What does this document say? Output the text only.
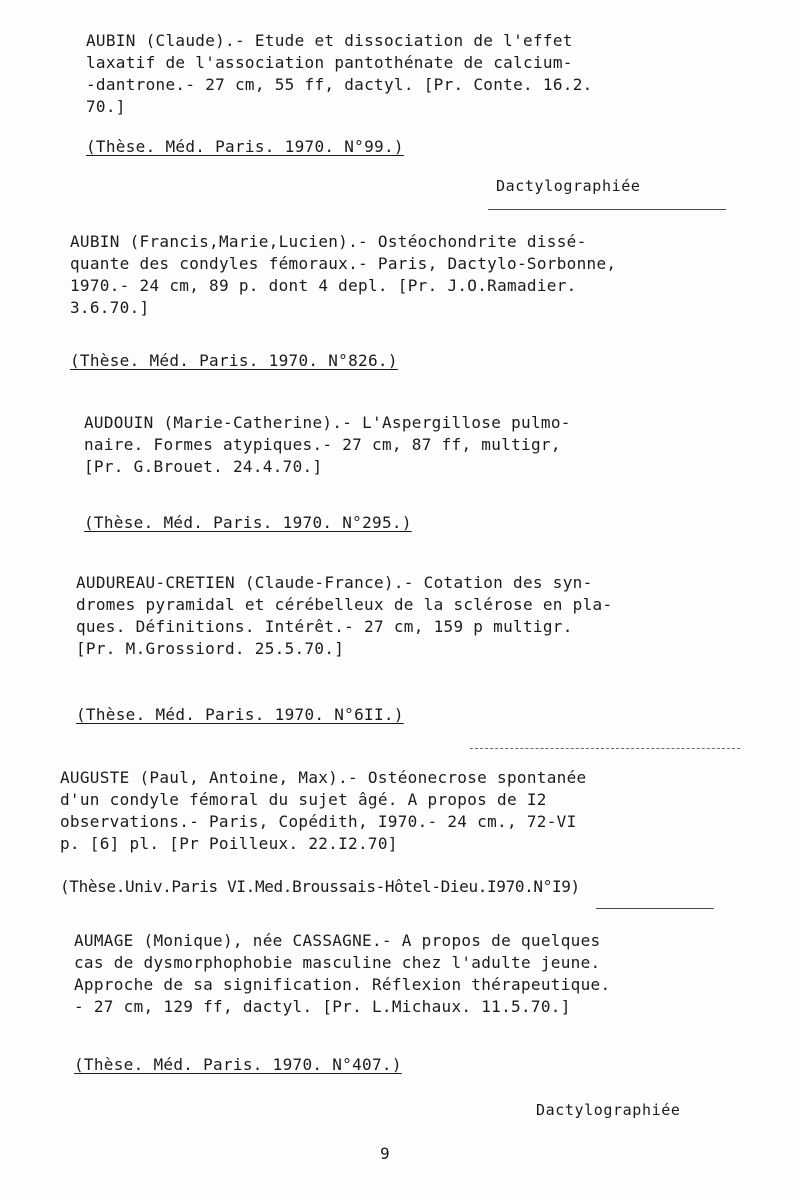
AUBIN (Claude).- Etude et dissociation de l'effet
laxatif de l'association pantothénate de calcium-
-dantrone.- 27 cm, 55 ff, dactyl. [Pr. Conte. 16.2.
70.]
(Thèse. Méd. Paris. 1970. N°99.)
Dactylographiée
AUBIN (Francis,Marie,Lucien).- Ostéochondrite dissé-
quante des condyles fémoraux.- Paris, Dactylo-Sorbonne,
1970.- 24 cm, 89 p. dont 4 depl. [Pr. J.O.Ramadier.
3.6.70.]
(Thèse. Méd. Paris. 1970. N°826.)
AUDOUIN (Marie-Catherine).- L'Aspergillose pulmo-
naire. Formes atypiques.- 27 cm, 87 ff, multigr,
[Pr. G.Brouet. 24.4.70.]
(Thèse. Méd. Paris. 1970. N°295.)
AUDUREAU-CRETIEN (Claude-France).- Cotation des syn-
dromes pyramidal et cérébelleux de la sclérose en pla-
ques. Définitions. Intérêt.- 27 cm, 159 p multigr.
[Pr. M.Grossiord. 25.5.70.]
(Thèse. Méd. Paris. 1970. N°6II.)
AUGUSTE (Paul, Antoine, Max).- Ostéonecrose spontanée
d'un condyle fémoral du sujet âgé. A propos de I2
observations.- Paris, Copédith, I970.- 24 cm., 72-VI
p. [6] pl. [Pr Poilleux. 22.I2.70]
(Thèse.Univ.Paris VI.Med.Broussais-Hôtel-Dieu.I970.N°I9)
AUMAGE (Monique), née CASSAGNE.- A propos de quelques
cas de dysmorphophobie masculine chez l'adulte jeune.
Approche de sa signification. Réflexion thérapeutique.
- 27 cm, 129 ff, dactyl. [Pr. L.Michaux. 11.5.70.]
(Thèse. Méd. Paris. 1970. N°407.)
Dactylographiée
9
